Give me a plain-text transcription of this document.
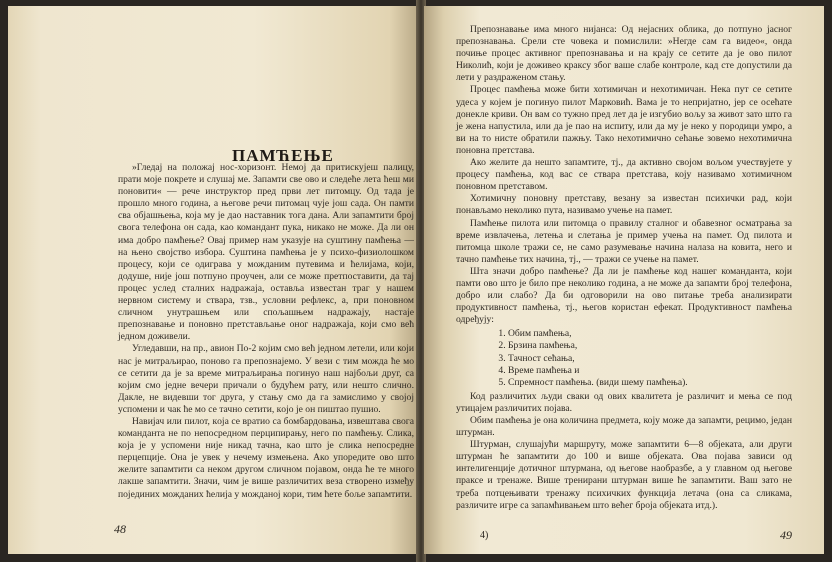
ПАМЋЕЊЕ

»Гледај на положај нос-хоризонт. Немој да притискујеш палицу, прати моје покрете и слушај ме. Запамти све ово и следеће лета ћеш ми поновити« — рече инструктор пред први лет питомцу. Од тада је прошло много година, а његове речи питомац чује још сада. Он памти сва објашњења, која му је дао наставник тога дана. Али запамтити број свога телефона он сада, као командант пука, никако не може. Да ли он има добро памћење? Овај пример нам указује на суштину памћења — на њено својство избора. Суштина памћења је у психо-физиолошком процесу, који се одиграва у можданим путевима и ћелијама, који, додуше, није још потпуно проучен, али се може претпоставити, да тај процес услед сталних надражаја, оставља известан траг у нашем нервном систему и ствара, тзв., условни рефлекс, а, при поновном сличном унутрашњем или спољашњем надражају, настаје препознавање и поновно претстављање оног надражаја, који смо већ једном доживели.

Угледавши, на пр., авион По-2 којим смо већ једном летели, или који нас је митраљирао, поново га препознајемо. У вези с тим можда ће мо се сетити да је за време митраљирања погинуо наш најбољи друг, са којим смо једне вечери причали о будућем рату, или нешто слично. Дакле, не видевши тог друга, у стању смо да га замислимо у својој успомени и чак ће мо се тачно сетити, кoјо је он пиштао пушио.

Навијач или пилот, кoјa се вратио са бомбардовања, извештава свога команданта не по непосредном перципирању, него по памћењу. Слика, која је у успомени није никад тачна, као што је слика непосредне перцепције. Она је увек у нечему измењена. Ако упоредите ово што желите запамтити са неком другом сличном појавом, онда ће те много лакше запамтити. Значи, чим је више различитих веза створено између појединих можданих ћелија у можданој кори, тим ћете боље запамтити.

48

Препознавање има много нијанса: Од нејасних облика, до потпуно јасног препознавања. Срели сте човека и помислили: »Негде сам га видео«, онда почиње процес активног препознавања и на крају се сетите да је ово пилот Николић, који је доживео краксу због ваше слабе контроле, кад сте допустили да лети у раздраженом стању.

Процес памћења може бити хотимичан и нехотимичан. Нека пут се сетите удеса у којем је погинуо пилот Марковић. Вама је то непријатно, јер се осећате донекле криви. Он вам со тужно пред лет да је изгубио вољу за живот зато што га је жена напустила, или да је пао на испиту, или да му је неко у породици умро, а ви на то нисте обратили пажњу. Тако нехотимично сећање зовемо нехотимична поновна претстава.

Ако желите да нешто запамтите, тј., да активно својом вољом учествујете у процесу памћења, код вас се ствара претстава, коју називамо хотимичном поновном претставом.

Хотимичну поновну претставу, везану за известан психички рад, који понављамо неколико пута, називамо учење на памет.

Памћење пилота или питомца о правилу сталног и обавезног осматрања за време извлачења, летења и слетања је пример учења на памет. Од пилота и питомца школе тражи се, не само разумевање начина налаза на ковита, него и тачно памћење тих начина, тј., — тражи се учење на памет.

Шта значи добро памћење? Да ли је памћење код нашег команданта, који памти ово што је било пре неколико година, а не може да запамти број телефона, добро или слабо? Да би одговорили на ово питање треба анализирати продуктивност памћења, тј., његов користан ефекат. Продуктивност памћења одређују:

1. Обим памћења,
2. Брзина памћења,
3. Тачност сећања,
4. Време памћења и
5. Спремност памћења. (види шему памћења).

Код различитих људи сваки од ових квалитета је различит и мења се под утицајем различитих појава.

Обим памћења је она количина предмета, коју може да запамти, рецимо, један штурман.

Штурман, слушајући маршруту, може запамтити 6—8 објеката, али други штурман ће запамтити до 100 и више објеката. Ова појава зависи од интелигенције дотичног штурмана, од његове наобразбе, а у главном од његове праксе и тренаже. Више тренирани штурман више ће запамтити. Ваш зато не треба потцењивати тренажу психичких функција летача (она са сликама, различите игре са запамћивањем што већег броја објеката итд.).

4)	49
